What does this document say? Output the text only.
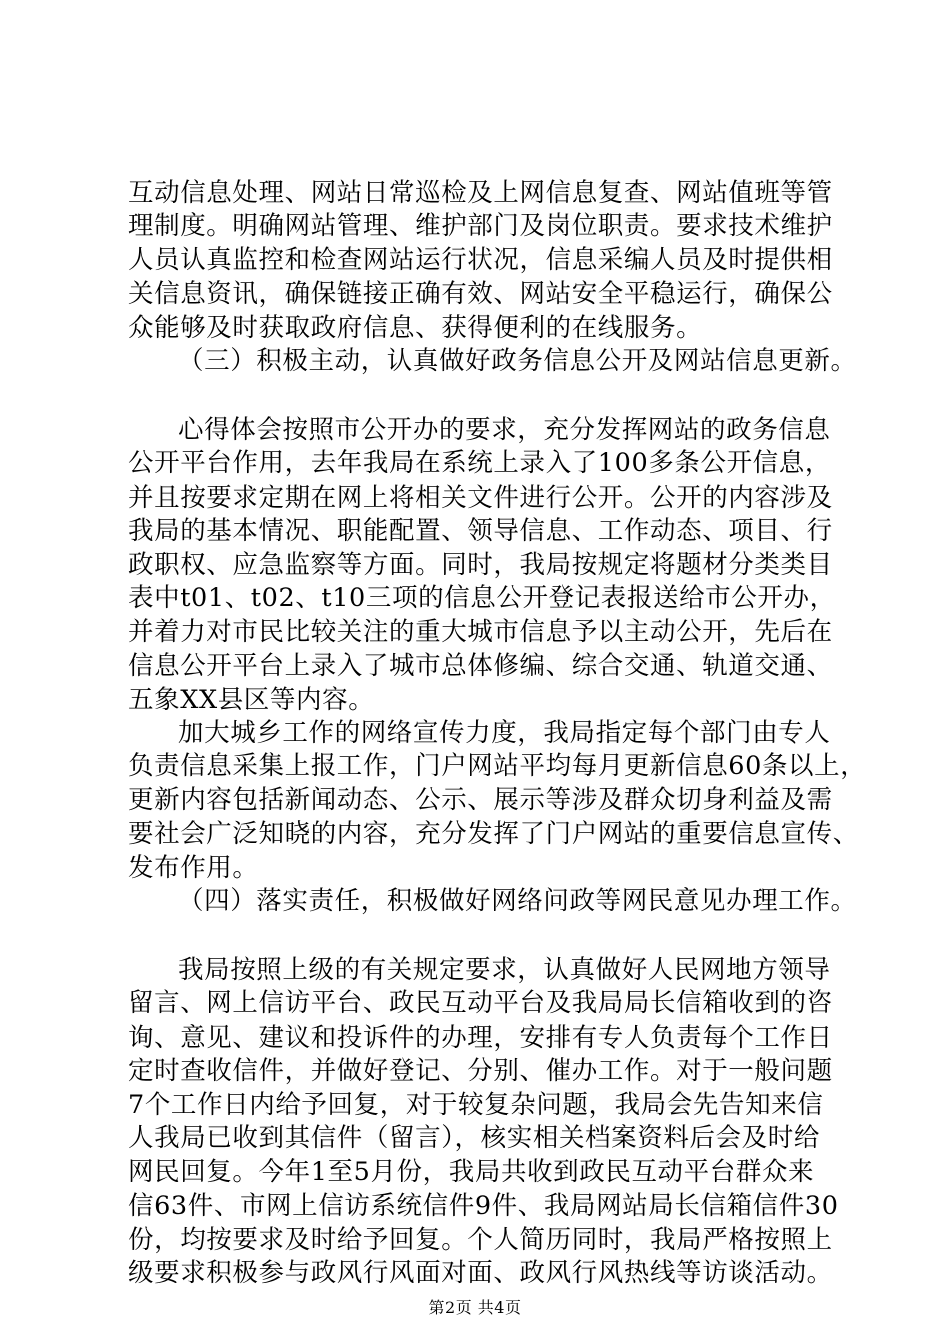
互动信息处理、网站日常巡检及上网信息复查、网站值班等管
理制度。明确网站管理、维护部门及岗位职责。要求技术维护
人员认真监控和检查网站运行状况，信息采编人员及时提供相
关信息资讯，确保链接正确有效、网站安全平稳运行，确保公
众能够及时获取政府信息、获得便利的在线服务。
（三）积极主动，认真做好政务信息公开及网站信息更新。
心得体会按照市公开办的要求，充分发挥网站的政务信息
公开平台作用，去年我局在系统上录入了100多条公开信息，
并且按要求定期在网上将相关文件进行公开。公开的内容涉及
我局的基本情况、职能配置、领导信息、工作动态、项目、行
政职权、应急监察等方面。同时，我局按规定将题材分类类目
表中t01、t02、t10三项的信息公开登记表报送给市公开办，
并着力对市民比较关注的重大城市信息予以主动公开，先后在
信息公开平台上录入了城市总体修编、综合交通、轨道交通、
五象XX县区等内容。
加大城乡工作的网络宣传力度，我局指定每个部门由专人
负责信息采集上报工作，门户网站平均每月更新信息60条以上，
更新内容包括新闻动态、公示、展示等涉及群众切身利益及需
要社会广泛知晓的内容，充分发挥了门户网站的重要信息宣传、
发布作用。
（四）落实责任，积极做好网络问政等网民意见办理工作。
我局按照上级的有关规定要求，认真做好人民网地方领导
留言、网上信访平台、政民互动平台及我局局长信箱收到的咨
询、意见、建议和投诉件的办理，安排有专人负责每个工作日
定时查收信件，并做好登记、分别、催办工作。对于一般问题
7个工作日内给予回复，对于较复杂问题，我局会先告知来信
人我局已收到其信件（留言），核实相关档案资料后会及时给
网民回复。今年1至5月份，我局共收到政民互动平台群众来
信63件、市网上信访系统信件9件、我局网站局长信箱信件30
份，均按要求及时给予回复。个人简历同时，我局严格按照上
级要求积极参与政风行风面对面、政风行风热线等访谈活动。
第2页 共4页
